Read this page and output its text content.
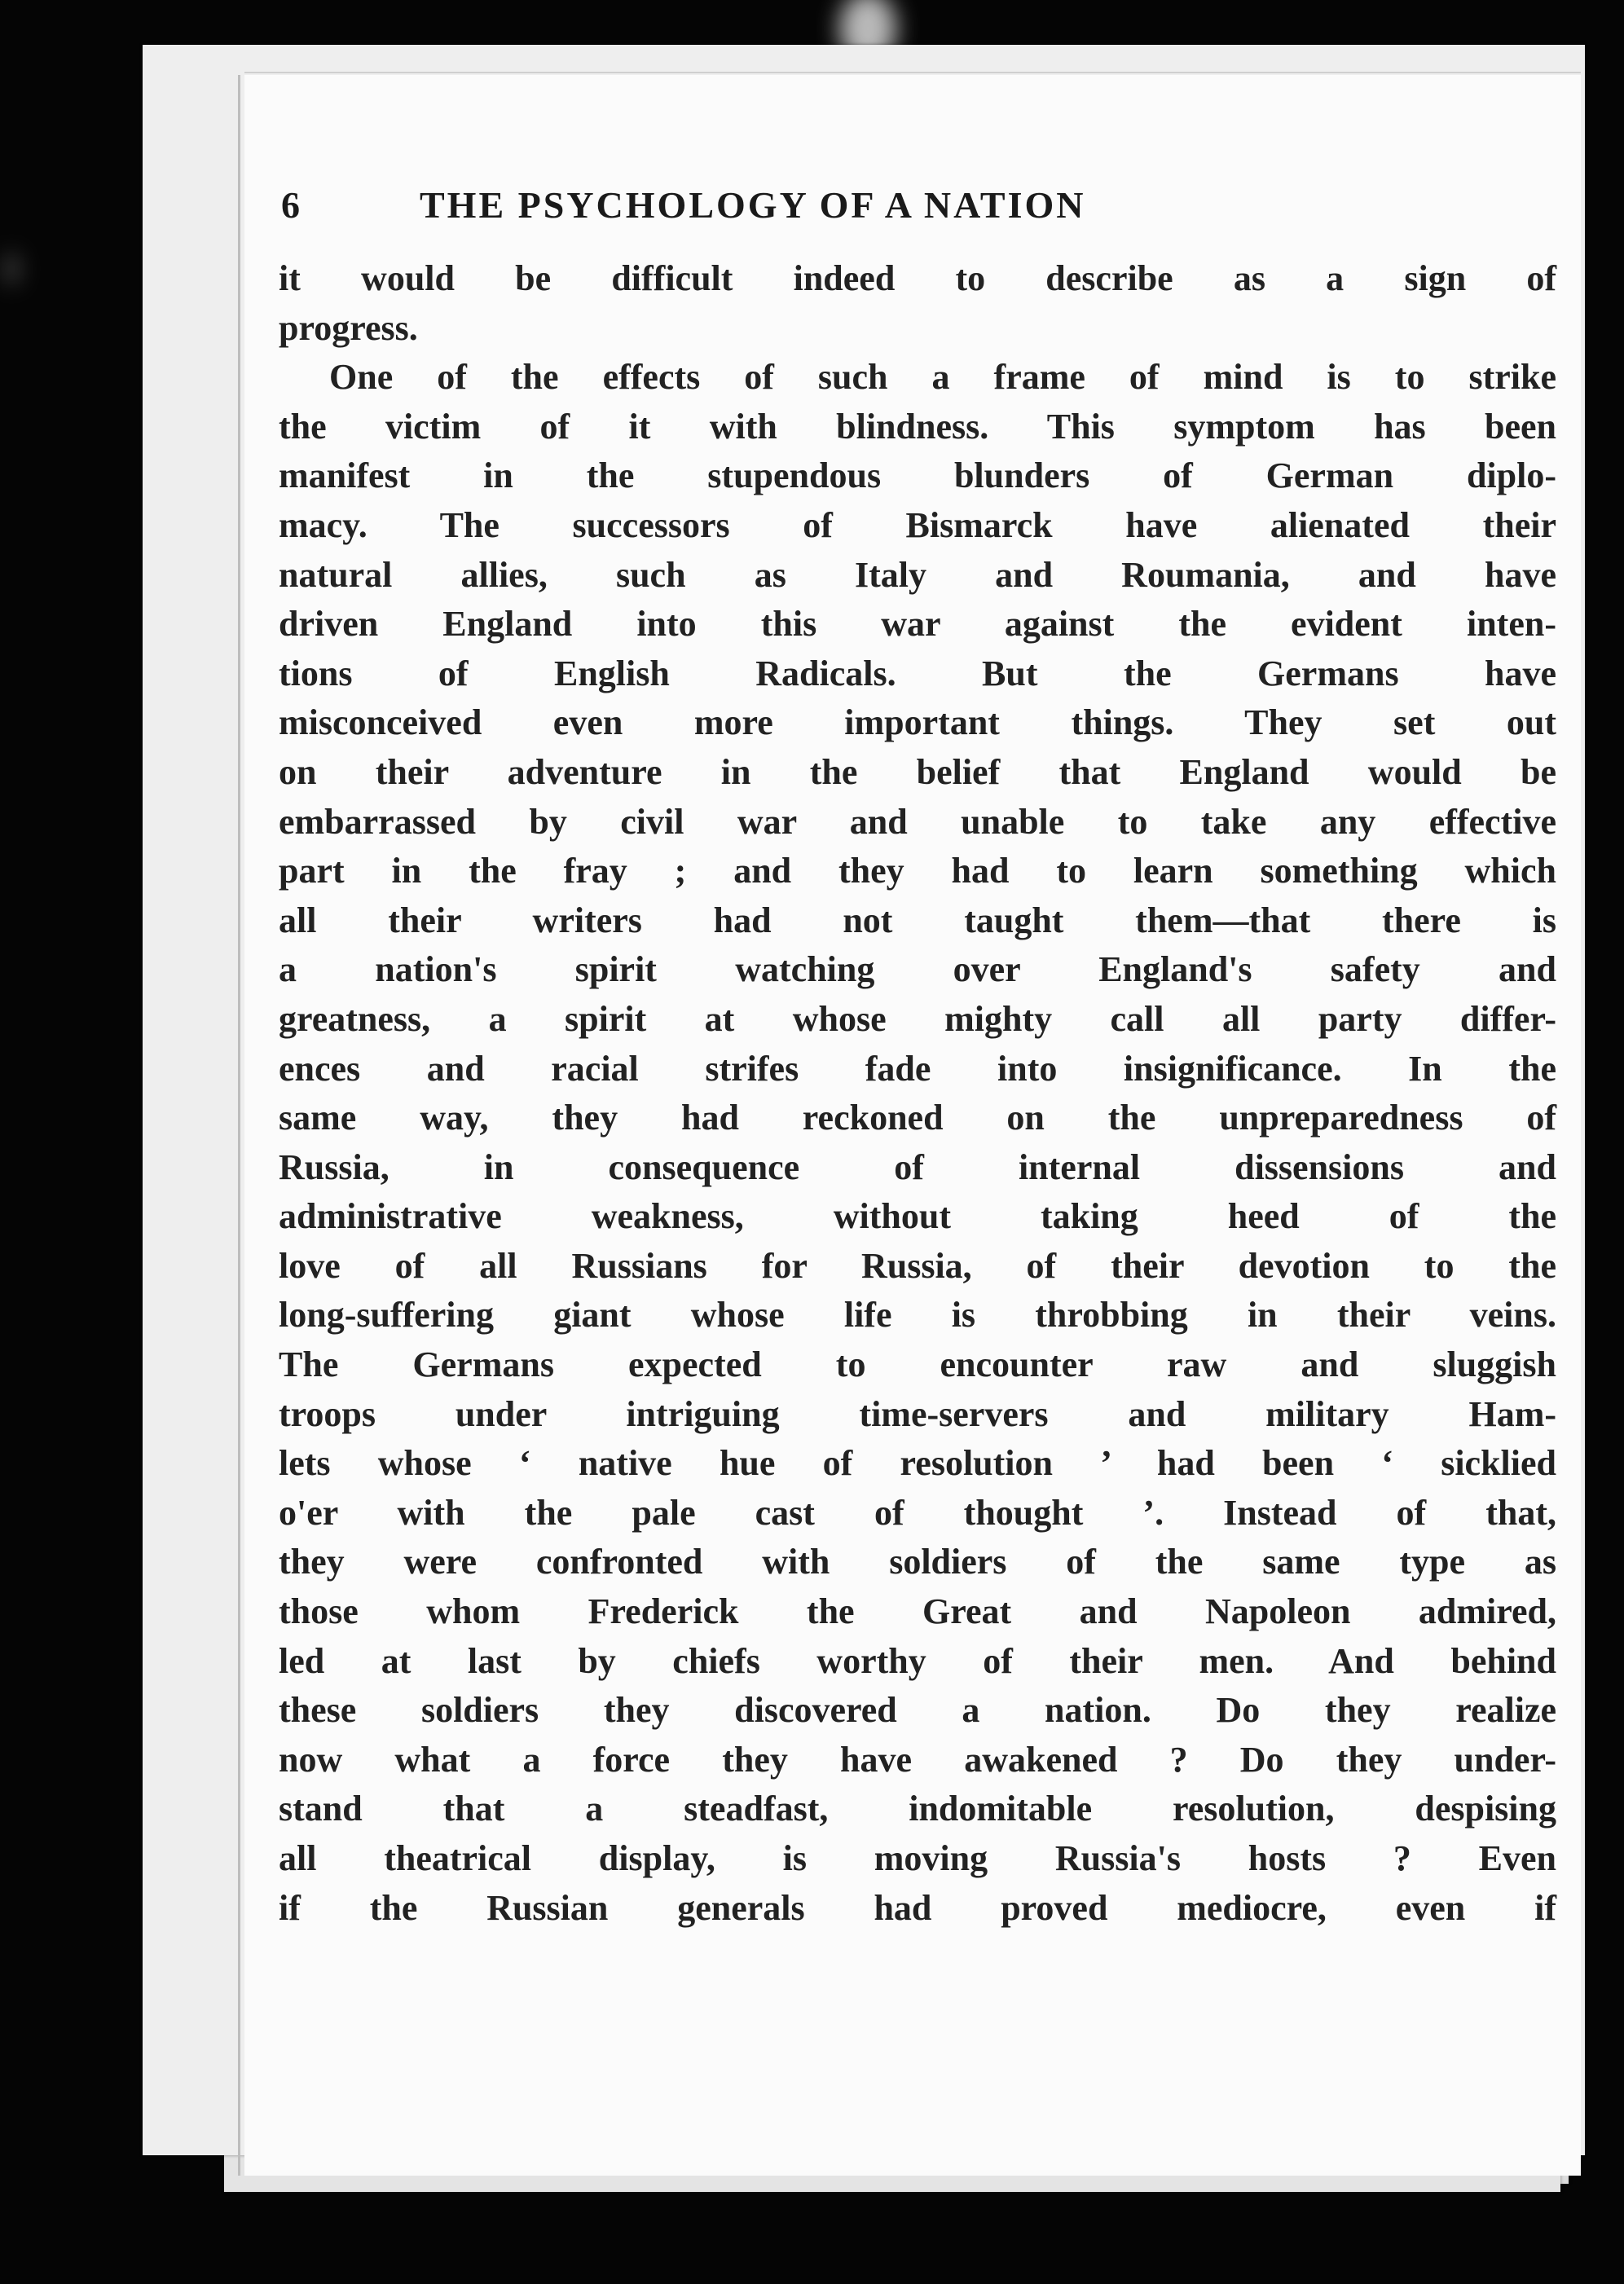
6	THE PSYCHOLOGY OF A NATION
it would be difficult indeed to describe as a sign of
progress.
One of the effects of such a frame of mind is to strike
the victim of it with blindness. This symptom has been
manifest in the stupendous blunders of German diplo-
macy. The successors of Bismarck have alienated their
natural allies, such as Italy and Roumania, and have
driven England into this war against the evident inten-
tions of English Radicals. But the Germans have
misconceived even more important things. They set out
on their adventure in the belief that England would be
embarrassed by civil war and unable to take any effective
part in the fray ; and they had to learn something which
all their writers had not taught them—that there is
a nation's spirit watching over England's safety and
greatness, a spirit at whose mighty call all party differ-
ences and racial strifes fade into insignificance. In the
same way, they had reckoned on the unpreparedness of
Russia, in consequence of internal dissensions and
administrative weakness, without taking heed of the
love of all Russians for Russia, of their devotion to the
long-suffering giant whose life is throbbing in their veins.
The Germans expected to encounter raw and sluggish
troops under intriguing time-servers and military Ham-
lets whose ‘ native hue of resolution ’ had been ‘ sicklied
o'er with the pale cast of thought ’. Instead of that,
they were confronted with soldiers of the same type as
those whom Frederick the Great and Napoleon admired,
led at last by chiefs worthy of their men. And behind
these soldiers they discovered a nation. Do they realize
now what a force they have awakened ? Do they under-
stand that a steadfast, indomitable resolution, despising
all theatrical display, is moving Russia's hosts ? Even
if the Russian generals had proved mediocre, even if
